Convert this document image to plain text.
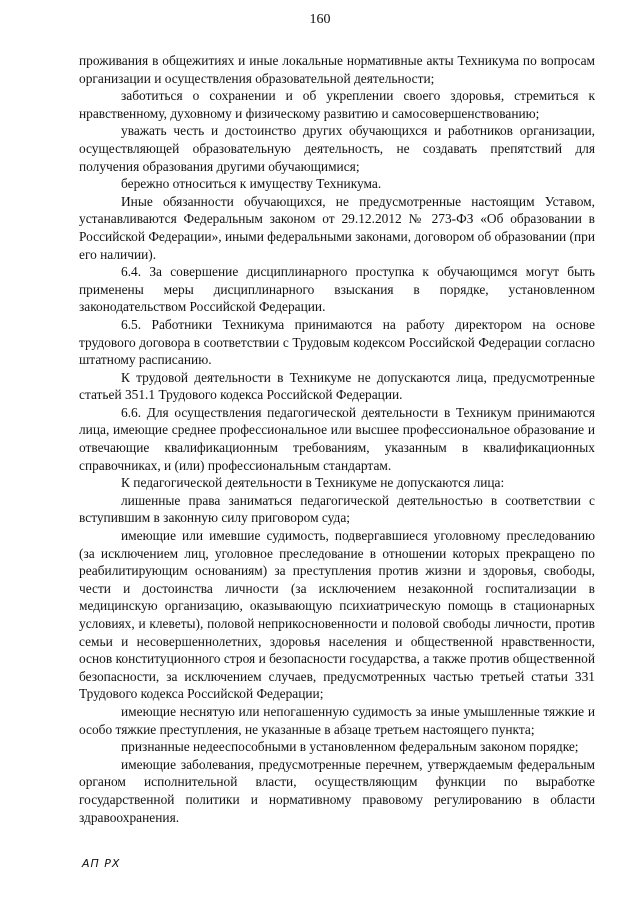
160

проживания в общежитиях и иные локальные нормативные акты Техникума по вопросам организации и осуществления образовательной деятельности;

заботиться о сохранении и об укреплении своего здоровья, стремиться к нравственному, духовному и физическому развитию и самосовершенствованию;

уважать честь и достоинство других обучающихся и работников организации, осуществляющей образовательную деятельность, не создавать препятствий для получения образования другими обучающимися;

бережно относиться к имуществу Техникума.

Иные обязанности обучающихся, не предусмотренные настоящим Уставом, устанавливаются Федеральным законом от 29.12.2012 № 273-ФЗ «Об образовании в Российской Федерации», иными федеральными законами, договором об образовании (при его наличии).

6.4. За совершение дисциплинарного проступка к обучающимся могут быть применены меры дисциплинарного взыскания в порядке, установленном законодательством Российской Федерации.

6.5. Работники Техникума принимаются на работу директором на основе трудового договора в соответствии с Трудовым кодексом Российской Федерации согласно штатному расписанию.

К трудовой деятельности в Техникуме не допускаются лица, предусмотренные статьей 351.1 Трудового кодекса Российской Федерации.

6.6. Для осуществления педагогической деятельности в Техникум принимаются лица, имеющие среднее профессиональное или высшее профессиональное образование и отвечающие квалификационным требованиям, указанным в квалификационных справочниках, и (или) профессиональным стандартам.

К педагогической деятельности в Техникуме не допускаются лица:

лишенные права заниматься педагогической деятельностью в соответствии с вступившим в законную силу приговором суда;

имеющие или имевшие судимость, подвергавшиеся уголовному преследованию (за исключением лиц, уголовное преследование в отношении которых прекращено по реабилитирующим основаниям) за преступления против жизни и здоровья, свободы, чести и достоинства личности (за исключением незаконной госпитализации в медицинскую организацию, оказывающую психиатрическую помощь в стационарных условиях, и клеветы), половой неприкосновенности и половой свободы личности, против семьи и несовершеннолетних, здоровья населения и общественной нравственности, основ конституционного строя и безопасности государства, а также против общественной безопасности, за исключением случаев, предусмотренных частью третьей статьи 331 Трудового кодекса Российской Федерации;

имеющие неснятую или непогашенную судимость за иные умышленные тяжкие и особо тяжкие преступления, не указанные в абзаце третьем настоящего пункта;

признанные недееспособными в установленном федеральным законом порядке;

имеющие заболевания, предусмотренные перечнем, утверждаемым федеральным органом исполнительной власти, осуществляющим функции по выработке государственной политики и нормативному правовому регулированию в области здравоохранения.

АП РХ
